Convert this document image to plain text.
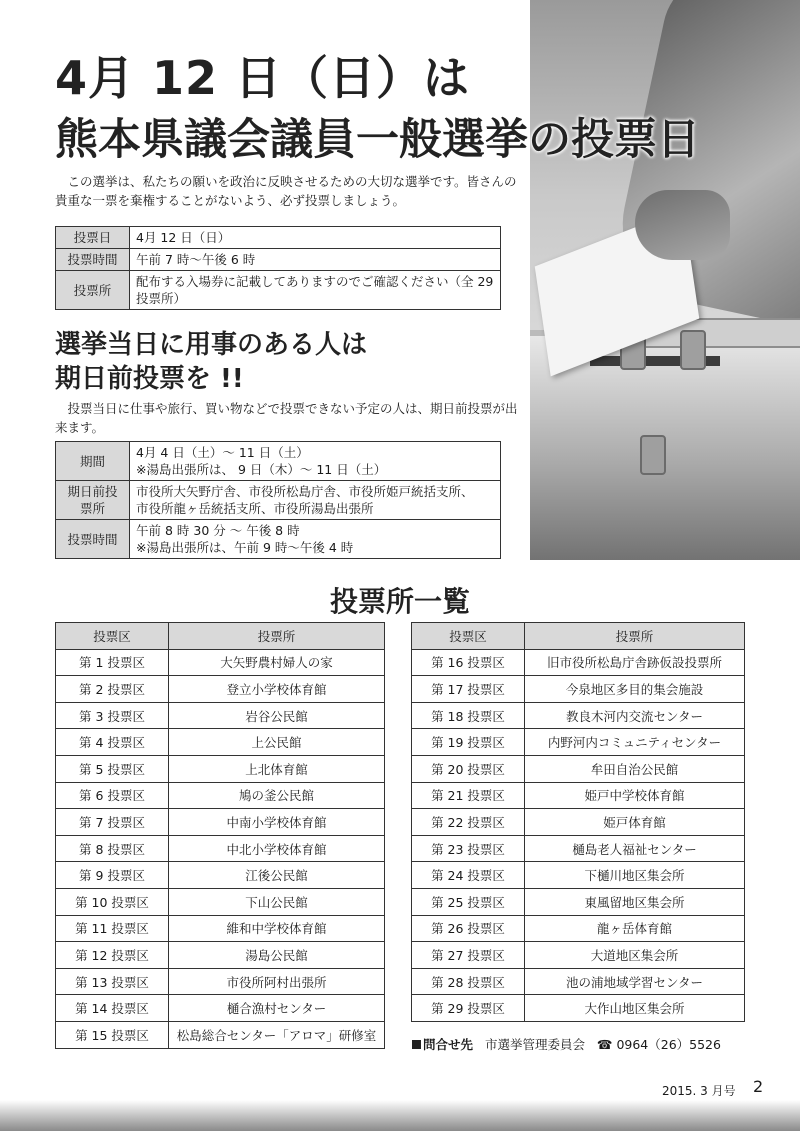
4月 12 日（日）は
熊本県議会議員一般選挙の投票日

　この選挙は、私たちの願いを政治に反映させるための大切な選挙です。皆さんの貴重な一票を棄権することがないよう、必ず投票しましょう。

投票日	4月 12 日（日）
投票時間	午前 7 時～午後 6 時
投票所	配布する入場券に記載してありますのでご確認ください（全 29 投票所）
選挙当日に用事のある人は
期日前投票を !!

　投票当日に仕事や旅行、買い物などで投票できない予定の人は、期日前投票が出来ます。

期間	4月 4 日（土）～ 11 日（土）
※湯島出張所は、 9 日（木）～ 11 日（土）

期日前投票所	市役所大矢野庁舎、市役所松島庁舎、市役所姫戸統括支所、
市役所龍ヶ岳統括支所、市役所湯島出張所

投票時間	午前 8 時 30 分 ～ 午後 8 時
※湯島出張所は、午前 9 時～午後 4 時
投票所一覧
投票区	投票所
第 1 投票区	大矢野農村婦人の家
第 2 投票区	登立小学校体育館
第 3 投票区	岩谷公民館
第 4 投票区	上公民館
第 5 投票区	上北体育館
第 6 投票区	鳩の釜公民館
第 7 投票区	中南小学校体育館
第 8 投票区	中北小学校体育館
第 9 投票区	江後公民館
第 10 投票区	下山公民館
第 11 投票区	維和中学校体育館
第 12 投票区	湯島公民館
第 13 投票区	市役所阿村出張所
第 14 投票区	樋合漁村センター
第 15 投票区	松島総合センター「アロマ」研修室
投票区	投票所
第 16 投票区	旧市役所松島庁舎跡仮設投票所
第 17 投票区	今泉地区多目的集会施設
第 18 投票区	教良木河内交流センター
第 19 投票区	内野河内コミュニティセンター
第 20 投票区	牟田自治公民館
第 21 投票区	姫戸中学校体育館
第 22 投票区	姫戸体育館
第 23 投票区	樋島老人福祉センター
第 24 投票区	下樋川地区集会所
第 25 投票区	東風留地区集会所
第 26 投票区	龍ヶ岳体育館
第 27 投票区	大道地区集会所
第 28 投票区	池の浦地域学習センター
第 29 投票区	大作山地区集会所
問合せ先 市選挙管理委員会 ☎ 0964（26）5526
2015. 3 月号 2
